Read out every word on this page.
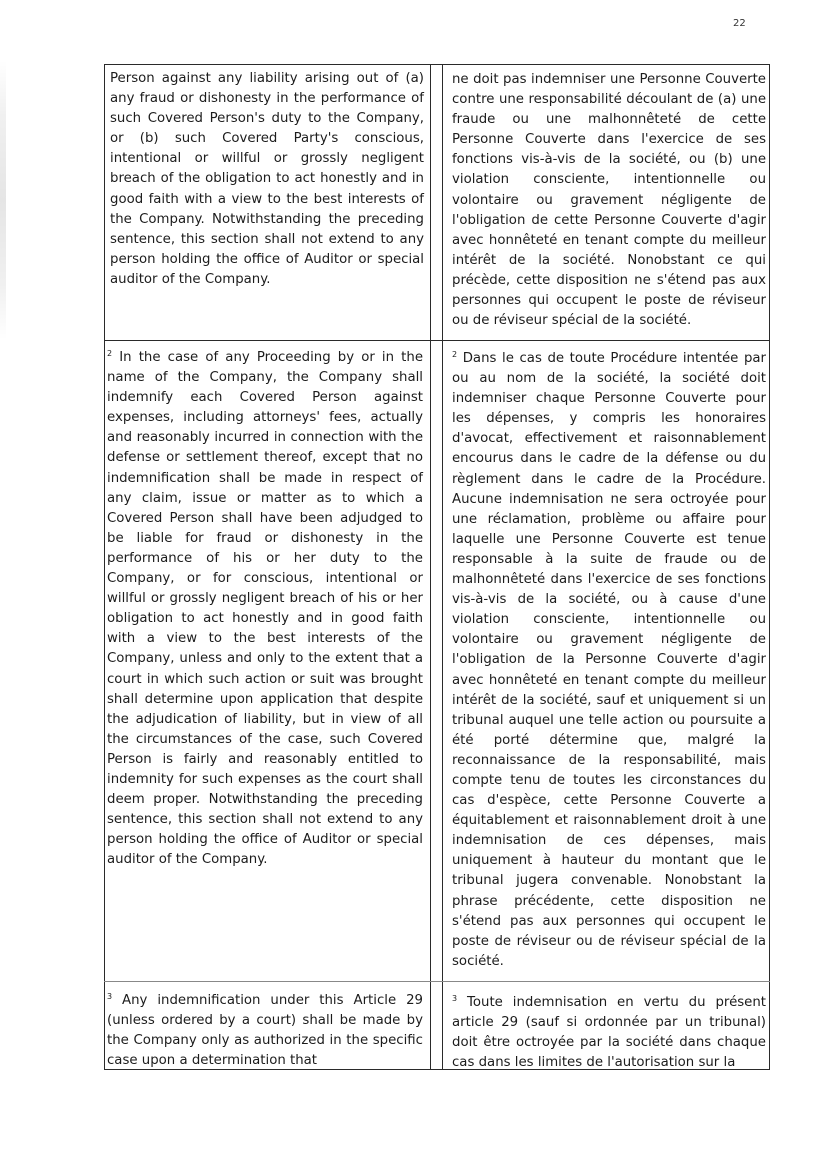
22

Person against any liability arising out of (a) any fraud or dishonesty in the performance of such Covered Person's duty to the Company, or (b) such Covered Party's conscious, intentional or willful or grossly negligent breach of the obligation to act honestly and in good faith with a view to the best interests of the Company. Notwithstanding the preceding sentence, this section shall not extend to any person holding the office of Auditor or special auditor of the Company.

ne doit pas indemniser une Personne Couverte contre une responsabilité découlant de (a) une fraude ou une malhonnêteté de cette Personne Couverte dans l'exercice de ses fonctions vis-à-vis de la société, ou (b) une violation consciente, intentionnelle ou volontaire ou gravement négligente de l'obligation de cette Personne Couverte d'agir avec honnêteté en tenant compte du meilleur intérêt de la société. Nonobstant ce qui précède, cette disposition ne s'étend pas aux personnes qui occupent le poste de réviseur ou de réviseur spécial de la société.

$^2$ In the case of any Proceeding by or in the name of the Company, the Company shall indemnify each Covered Person against expenses, including attorneys' fees, actually and reasonably incurred in connection with the defense or settlement thereof, except that no indemnification shall be made in respect of any claim, issue or matter as to which a Covered Person shall have been adjudged to be liable for fraud or dishonesty in the performance of his or her duty to the Company, or for conscious, intentional or willful or grossly negligent breach of his or her obligation to act honestly and in good faith with a view to the best interests of the Company, unless and only to the extent that a court in which such action or suit was brought shall determine upon application that despite the adjudication of liability, but in view of all the circumstances of the case, such Covered Person is fairly and reasonably entitled to indemnity for such expenses as the court shall deem proper. Notwithstanding the preceding sentence, this section shall not extend to any person holding the office of Auditor or special auditor of the Company.

$^2$ Dans le cas de toute Procédure intentée par ou au nom de la société, la société doit indemniser chaque Personne Couverte pour les dépenses, y compris les honoraires d'avocat, effectivement et raisonnablement encourus dans le cadre de la défense ou du règlement dans le cadre de la Procédure. Aucune indemnisation ne sera octroyée pour une réclamation, problème ou affaire pour laquelle une Personne Couverte est tenue responsable à la suite de fraude ou de malhonnêteté dans l'exercice de ses fonctions vis-à-vis de la société, ou à cause d'une violation consciente, intentionnelle ou volontaire ou gravement négligente de l'obligation de la Personne Couverte d'agir avec honnêteté en tenant compte du meilleur intérêt de la société, sauf et uniquement si un tribunal auquel une telle action ou poursuite a été porté détermine que, malgré la reconnaissance de la responsabilité, mais compte tenu de toutes les circonstances du cas d'espèce, cette Personne Couverte a équitablement et raisonnablement droit à une indemnisation de ces dépenses, mais uniquement à hauteur du montant que le tribunal jugera convenable. Nonobstant la phrase précédente, cette disposition ne s'étend pas aux personnes qui occupent le poste de réviseur ou de réviseur spécial de la société.

$^3$ Any indemnification under this Article 29 (unless ordered by a court) shall be made by the Company only as authorized in the specific case upon a determination that

$^3$ Toute indemnisation en vertu du présent article 29 (sauf si ordonnée par un tribunal) doit être octroyée par la société dans chaque cas dans les limites de l'autorisation sur la
